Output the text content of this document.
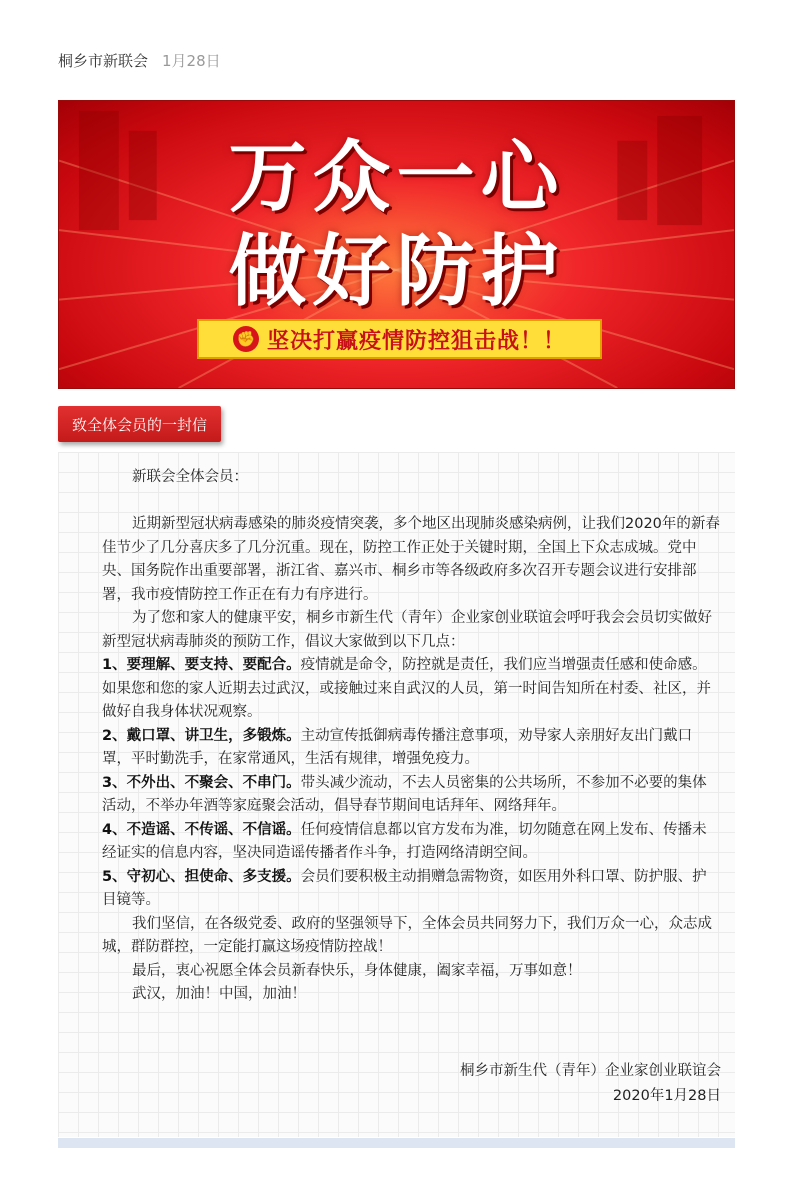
桐乡市新联会 1月28日
万众一心
做好防护
✊ 坚决打赢疫情防控狙击战！！
致全体会员的一封信

新联会全体会员：

近期新型冠状病毒感染的肺炎疫情突袭，多个地区出现肺炎感染病例，让我们2020年的新春佳节少了几分喜庆多了几分沉重。现在，防控工作正处于关键时期，全国上下众志成城。党中央、国务院作出重要部署，浙江省、嘉兴市、桐乡市等各级政府多次召开专题会议进行安排部署，我市疫情防控工作正在有力有序进行。

为了您和家人的健康平安，桐乡市新生代（青年）企业家创业联谊会呼吁我会会员切实做好新型冠状病毒肺炎的预防工作，倡议大家做到以下几点：

1、要理解、要支持、要配合。疫情就是命令，防控就是责任，我们应当增强责任感和使命感。如果您和您的家人近期去过武汉，或接触过来自武汉的人员，第一时间告知所在村委、社区，并做好自我身体状况观察。

2、戴口罩、讲卫生，多锻炼。主动宣传抵御病毒传播注意事项，劝导家人亲朋好友出门戴口罩，平时勤洗手，在家常通风，生活有规律，增强免疫力。

3、不外出、不聚会、不串门。带头减少流动，不去人员密集的公共场所，不参加不必要的集体活动，不举办年酒等家庭聚会活动，倡导春节期间电话拜年、网络拜年。

4、不造谣、不传谣、不信谣。任何疫情信息都以官方发布为准，切勿随意在网上发布、传播未经证实的信息内容，坚决同造谣传播者作斗争，打造网络清朗空间。

5、守初心、担使命、多支援。会员们要积极主动捐赠急需物资，如医用外科口罩、防护服、护目镜等。

我们坚信，在各级党委、政府的坚强领导下，全体会员共同努力下，我们万众一心，众志成城，群防群控，一定能打赢这场疫情防控战！

最后，衷心祝愿全体会员新春快乐，身体健康，阖家幸福，万事如意！

武汉，加油！中国，加油！

桐乡市新生代（青年）企业家创业联谊会
2020年1月28日
